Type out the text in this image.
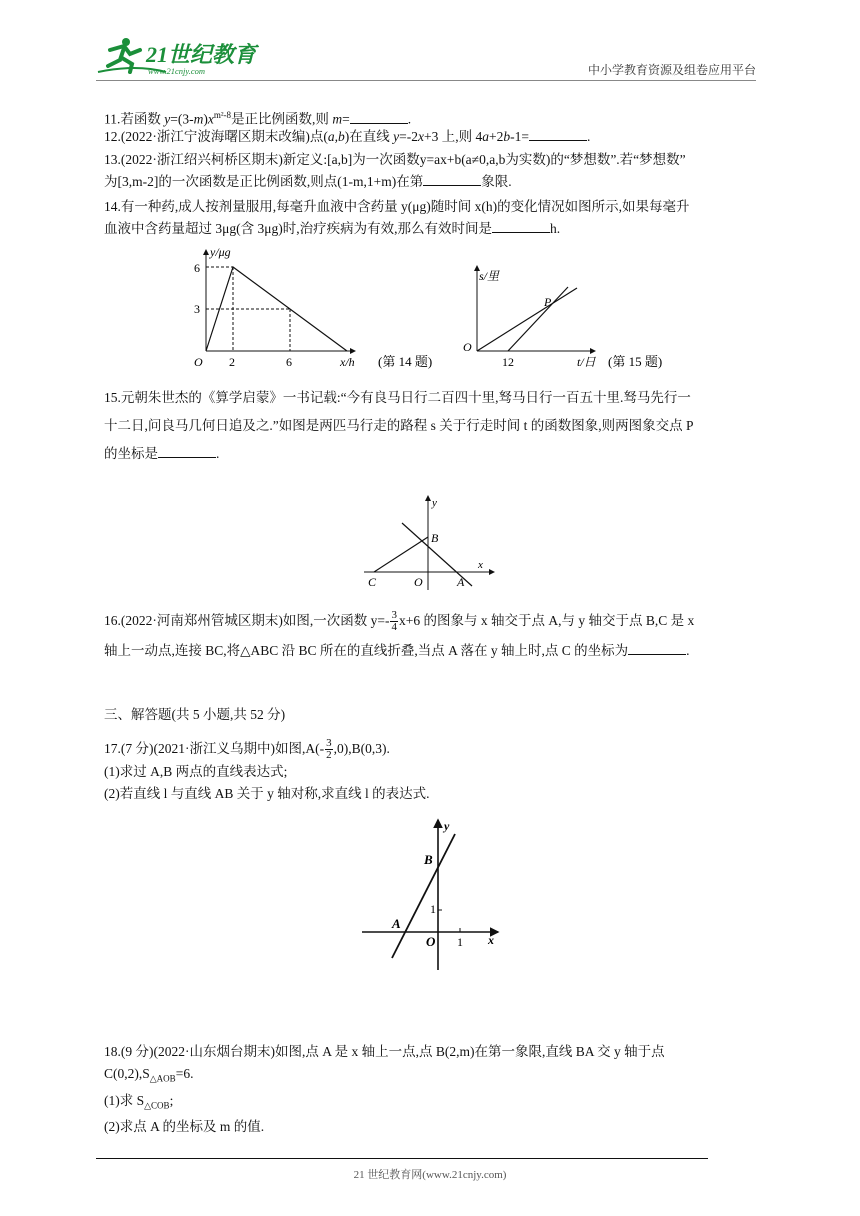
21世纪教育
www.21cnjy.com	中小学教育资源及组卷应用平台
11.若函数 $y=(3-m)x^{m^2-8}$是正比例函数,则 m=	.
12.(2022·浙江宁波海曙区期末改编)点(a,b)在直线 y=-2x+3 上,则 4a+2b-1=	.
13.(2022·浙江绍兴柯桥区期末)新定义:[a,b]为一次函数y=ax+b(a≠0,a,b为实数)的“梦想数”.若“梦想数”
为[3,m-2]的一次函数是正比例函数,则点(1-m,1+m)在第	象限.
14.有一种药,成人按剂量服用,每毫升血液中含药量 y(μg)随时间 x(h)的变化情况如图所示,如果每毫升
血液中含药量超过 3μg(含 3μg)时,治疗疾病为有效,那么有效时间是	h.
y/μg
x/h
O 2	6
6
3
(第 14 题)
s/里
t/日
O
12
P
(第 15 题)
15.元朝朱世杰的《算学启蒙》一书记载:“今有良马日行二百四十里,驽马日行一百五十里.驽马先行一
十二日,问良马几何日追及之.”如图是两匹马行走的路程 s 关于行走时间 t 的函数图象,则两图象交点 P
的坐标是	.
y
x
B
C	O	A
16.(2022·河南郑州管城区期末)如图,一次函数 $y=- \frac{3}{4} x+6$ 的图象与 x 轴交于点 A,与 y 轴交于点 B,C 是 x
轴上一动点,连接 BC,将△ABC 沿 BC 所在的直线折叠,当点 A 落在 y 轴上时,点 C 的坐标为	.
三、解答题(共 5 小题,共 52 分)
17.(7 分)(2021·浙江义乌期中)如图$,A(- \frac{3}{2} ,0),B(0,3)$.
(1)求过 A,B 两点的直线表达式;
(2)若直线 l 与直线 AB 关于 y 轴对称,求直线 l 的表达式.
y
x
B
A
O 1
1
18.(9 分)(2022·山东烟台期末)如图,点 A 是 x 轴上一点,点 B(2,m)在第一象限,直线 BA 交 y 轴于点
$C(0,2),S_{\triangle AOB}=6$.
(1)求 $S_{\triangle COB}$;
(2)求点 A 的坐标及 m 的值.
21 世纪教育网(www.21cnjy.com)
